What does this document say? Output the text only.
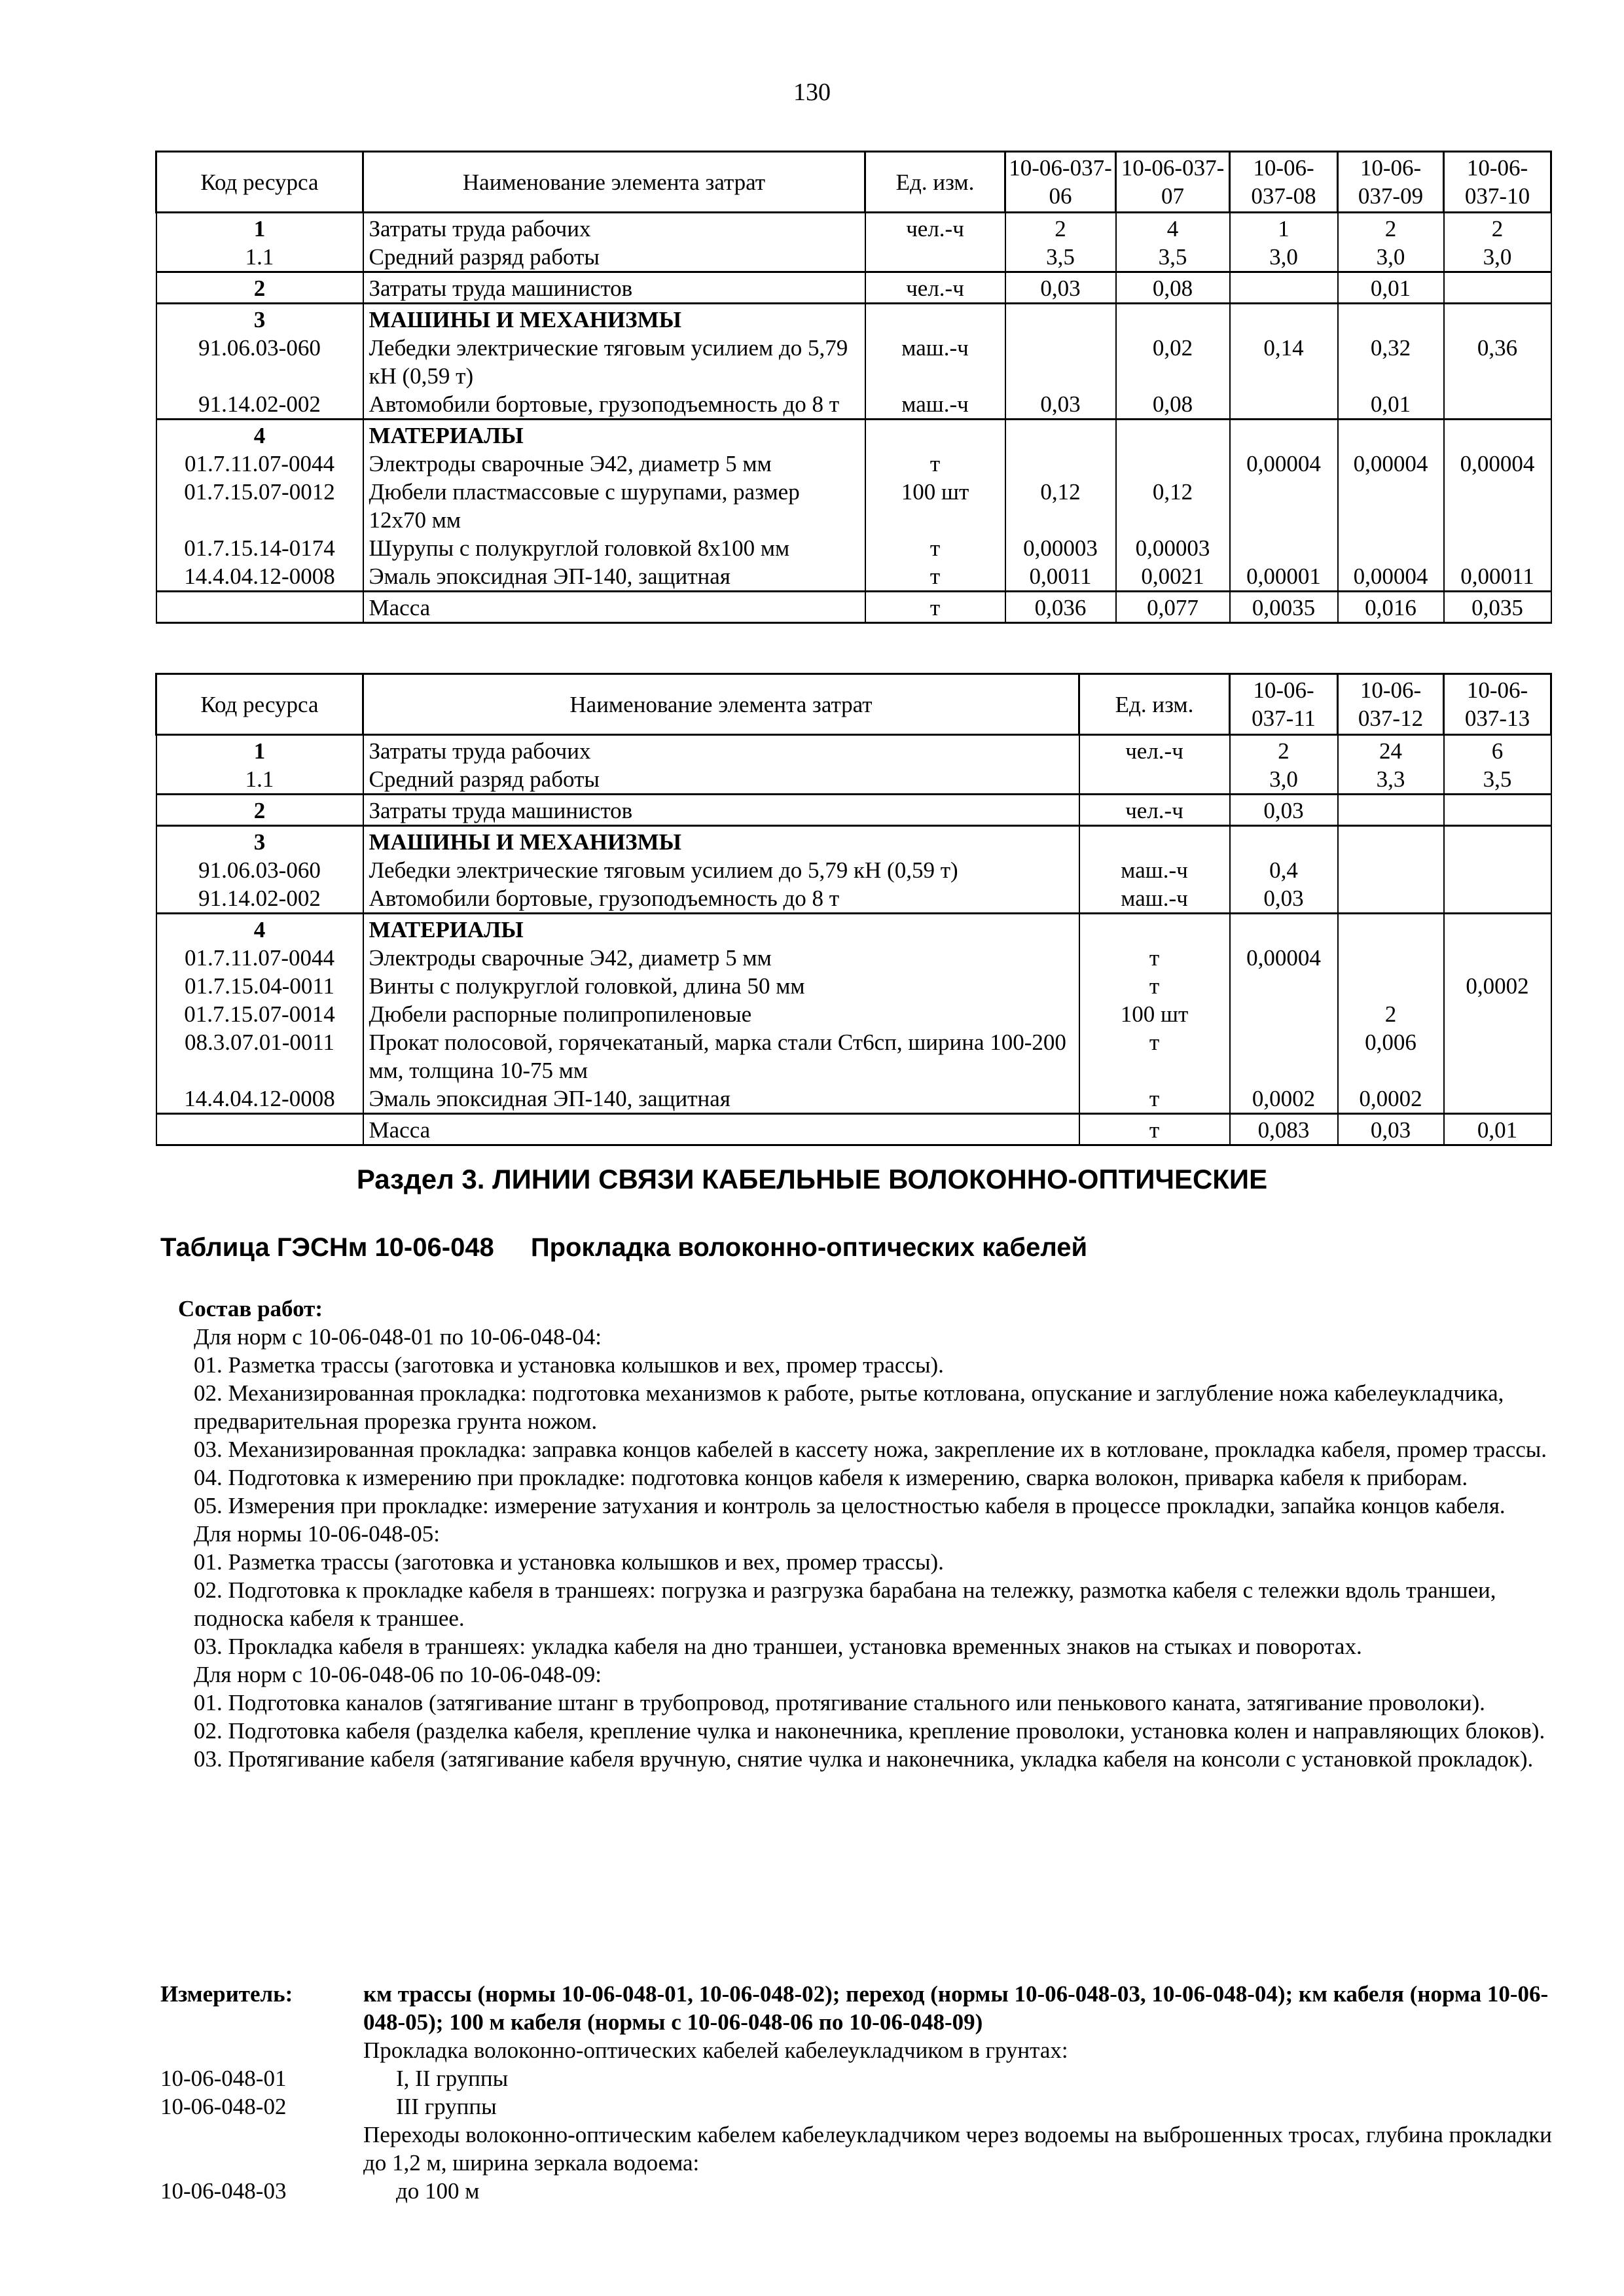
130
Код ресурса	Наименование элемента затрат	Ед. изм.	10-06-037-06	10-06-037-07	10-06-037-08	10-06-037-09	10-06-037-10
1	Затраты труда рабочих	чел.-ч	2	4	1	2	2
1.1	Средний разряд работы		3,5	3,5	3,0	3,0	3,0
2	Затраты труда машинистов	чел.-ч	0,03	0,08		0,01	
3	МАШИНЫ И МЕХАНИЗМЫ						
91.06.03-060	Лебедки электрические тяговым усилием до 5,79 кН (0,59 т)	маш.-ч		0,02	0,14	0,32	0,36
91.14.02-002	Автомобили бортовые, грузоподъемность до 8 т	маш.-ч	0,03	0,08		0,01	
4	МАТЕРИАЛЫ						
01.7.11.07-0044	Электроды сварочные Э42, диаметр 5 мм	т			0,00004	0,00004	0,00004
01.7.15.07-0012	Дюбели пластмассовые с шурупами, размер 12х70 мм	100 шт	0,12	0,12			
01.7.15.14-0174	Шурупы с полукруглой головкой 8х100 мм	т	0,00003	0,00003			
14.4.04.12-0008	Эмаль эпоксидная ЭП-140, защитная	т	0,0011	0,0021	0,00001	0,00004	0,00011
	Масса	т	0,036	0,077	0,0035	0,016	0,035
Код ресурса	Наименование элемента затрат	Ед. изм.	10-06-037-11	10-06-037-12	10-06-037-13
1	Затраты труда рабочих	чел.-ч	2	24	6
1.1	Средний разряд работы		3,0	3,3	3,5
2	Затраты труда машинистов	чел.-ч	0,03		
3	МАШИНЫ И МЕХАНИЗМЫ				
91.06.03-060	Лебедки электрические тяговым усилием до 5,79 кН (0,59 т)	маш.-ч	0,4		
91.14.02-002	Автомобили бортовые, грузоподъемность до 8 т	маш.-ч	0,03		
4	МАТЕРИАЛЫ				
01.7.11.07-0044	Электроды сварочные Э42, диаметр 5 мм	т	0,00004		
01.7.15.04-0011	Винты с полукруглой головкой, длина 50 мм	т			0,0002
01.7.15.07-0014	Дюбели распорные полипропиленовые	100 шт		2	
08.3.07.01-0011	Прокат полосовой, горячекатаный, марка стали Ст6сп, ширина 100-200 мм, толщина 10-75 мм	т		0,006	
14.4.04.12-0008	Эмаль эпоксидная ЭП-140, защитная	т	0,0002	0,0002	
	Масса	т	0,083	0,03	0,01
Раздел 3. ЛИНИИ СВЯЗИ КАБЕЛЬНЫЕ ВОЛОКОННО-ОПТИЧЕСКИЕ
Таблица ГЭСНм 10-06-048 Прокладка волоконно-оптических кабелей
Состав работ:
Для норм с 10-06-048-01 по 10-06-048-04:
01. Разметка трассы (заготовка и установка колышков и вех, промер трассы).
02. Механизированная прокладка: подготовка механизмов к работе, рытье котлована, опускание и заглубление ножа кабелеукладчика, предварительная прорезка грунта ножом.
03. Механизированная прокладка: заправка концов кабелей в кассету ножа, закрепление их в котловане, прокладка кабеля, промер трассы.
04. Подготовка к измерению при прокладке: подготовка концов кабеля к измерению, сварка волокон, приварка кабеля к приборам.
05. Измерения при прокладке: измерение затухания и контроль за целостностью кабеля в процессе прокладки, запайка концов кабеля.
Для нормы 10-06-048-05:
01. Разметка трассы (заготовка и установка колышков и вех, промер трассы).
02. Подготовка к прокладке кабеля в траншеях: погрузка и разгрузка барабана на тележку, размотка кабеля с тележки вдоль траншеи, подноска кабеля к траншее.
03. Прокладка кабеля в траншеях: укладка кабеля на дно траншеи, установка временных знаков на стыках и поворотах.
Для норм с 10-06-048-06 по 10-06-048-09:
01. Подготовка каналов (затягивание штанг в трубопровод, протягивание стального или пенькового каната, затягивание проволоки).
02. Подготовка кабеля (разделка кабеля, крепление чулка и наконечника, крепление проволоки, установка колен и направляющих блоков).
03. Протягивание кабеля (затягивание кабеля вручную, снятие чулка и наконечника, укладка кабеля на консоли с установкой прокладок).
Измеритель:	км трассы (нормы 10-06-048-01, 10-06-048-02); переход (нормы 10-06-048-03, 10-06-048-04); км кабеля (норма 10-06-048-05); 100 м кабеля (нормы с 10-06-048-06 по 10-06-048-09)
Прокладка волоконно-оптических кабелей кабелеукладчиком в грунтах:
10-06-048-01	I, II группы
10-06-048-02	III группы
Переходы волоконно-оптическим кабелем кабелеукладчиком через водоемы на выброшенных тросах, глубина прокладки до 1,2 м, ширина зеркала водоема:
10-06-048-03	до 100 м
